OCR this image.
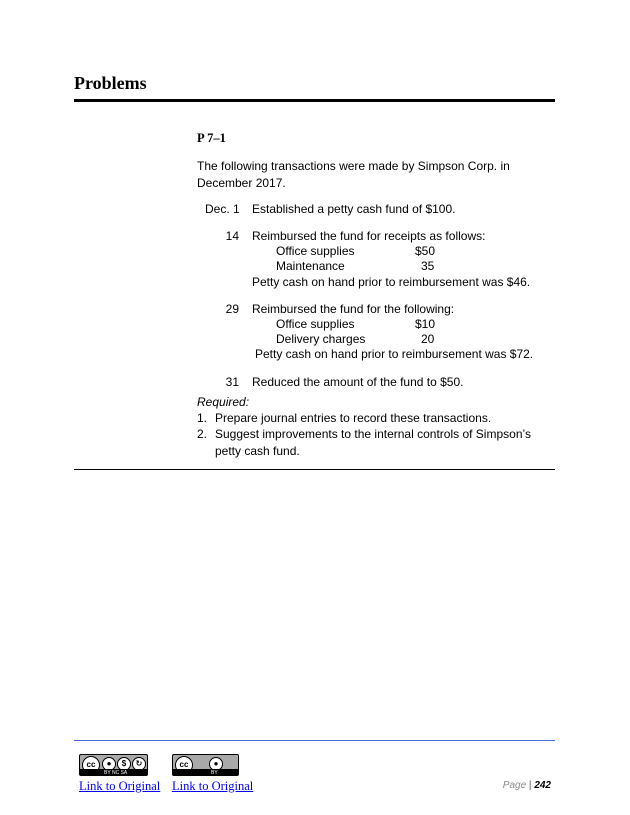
Problems
P 7–1
The following transactions were made by Simpson Corp. in December 2017.
Dec. 1 Established a petty cash fund of $100.
14 Reimbursed the fund for receipts as follows:
Office supplies	$50
Maintenance	35
Petty cash on hand prior to reimbursement was $46.
29 Reimbursed the fund for the following:
Office supplies	$10
Delivery charges	20
Petty cash on hand prior to reimbursement was $72.
31 Reduced the amount of the fund to $50.
Required:
1. Prepare journal entries to record these transactions.
2. Suggest improvements to the internal controls of Simpson’s petty cash fund.
cc	●	$	↻
BY NC SA
Link to Original
cc	●
BY
Link to Original	Page | 242
